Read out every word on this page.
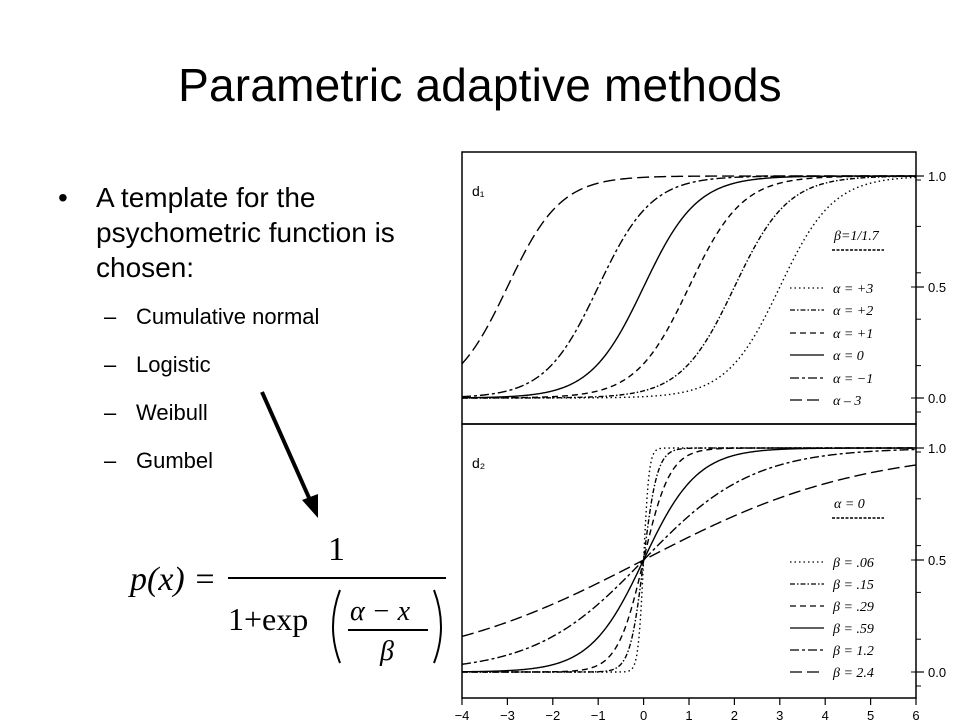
Parametric adaptive methods
• A template for the psychometric function is chosen:
– Cumulative normal
– Logistic
– Weibull
– Gumbel
p(x) =
1
1+exp α − x
β
1.0
0.5
0.0
d₁
α = +3
α = +2
α = +1
α = 0
α = −1
α – 3
β=1/1.7
1.0
0.5
0.0
d₂
β = .06
β = .15
β = .29
β = .59
β = 1.2
β = 2.4
α = 0
−4 −3 −2 −1	0	1	2	3	4	5	6
